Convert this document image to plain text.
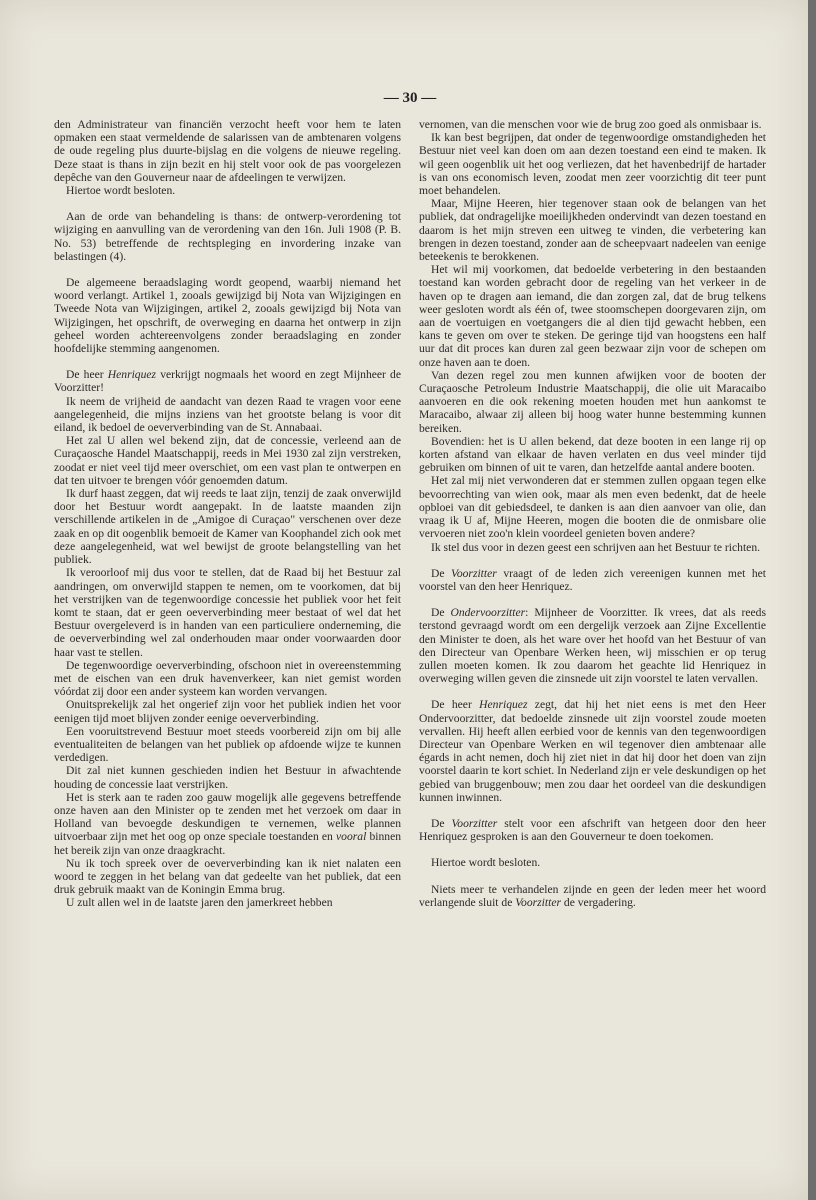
— 30 —

den Administrateur van financiën verzocht heeft voor hem te laten opmaken een staat vermeldende de salarissen van de ambtenaren volgens de oude regeling plus duurte-bijslag en die volgens de nieuwe regeling. Deze staat is thans in zijn bezit en hij stelt voor ook de pas voorgelezen depêche van den Gouverneur naar de afdeelingen te verwijzen.

Hiertoe wordt besloten.

Aan de orde van behandeling is thans: de ontwerp-verordening tot wijziging en aanvulling van de verordening van den 16n. Juli 1908 (P. B. No. 53) betreffende de rechtspleging en invordering inzake van belastingen (4).

De algemeene beraadslaging wordt geopend, waarbij niemand het woord verlangt. Artikel 1, zooals gewijzigd bij Nota van Wijzigingen en Tweede Nota van Wijzigingen, artikel 2, zooals gewijzigd bij Nota van Wijzigingen, het opschrift, de overweging en daarna het ontwerp in zijn geheel worden achtereenvolgens zonder beraadslaging en zonder hoofdelijke stemming aangenomen.

De heer Henriquez verkrijgt nogmaals het woord en zegt Mijnheer de Voorzitter!

Ik neem de vrijheid de aandacht van dezen Raad te vragen voor eene aangelegenheid, die mijns inziens van het grootste belang is voor dit eiland, ik bedoel de oeververbinding van de St. Annabaai.

Het zal U allen wel bekend zijn, dat de concessie, verleend aan de Curaçaosche Handel Maatschappij, reeds in Mei 1930 zal zijn verstreken, zoodat er niet veel tijd meer overschiet, om een vast plan te ontwerpen en dat ten uitvoer te brengen vóór genoemden datum.

Ik durf haast zeggen, dat wij reeds te laat zijn, tenzij de zaak onverwijld door het Bestuur wordt aangepakt. In de laatste maanden zijn verschillende artikelen in de „Amigoe di Curaçao" verschenen over deze zaak en op dit oogenblik bemoeit de Kamer van Koophandel zich ook met deze aangelegenheid, wat wel bewijst de groote belangstelling van het publiek.

Ik veroorloof mij dus voor te stellen, dat de Raad bij het Bestuur zal aandringen, om onverwijld stappen te nemen, om te voorkomen, dat bij het verstrijken van de tegenwoordige concessie het publiek voor het feit komt te staan, dat er geen oeververbinding meer bestaat of wel dat het Bestuur overgeleverd is in handen van een particuliere onderneming, die de oeververbinding wel zal onderhouden maar onder voorwaarden door haar vast te stellen.

De tegenwoordige oeververbinding, ofschoon niet in overeenstemming met de eischen van een druk havenverkeer, kan niet gemist worden vóórdat zij door een ander systeem kan worden vervangen.

Onuitsprekelijk zal het ongerief zijn voor het publiek indien het voor eenigen tijd moet blijven zonder eenige oeververbinding.

Een vooruitstrevend Bestuur moet steeds voorbereid zijn om bij alle eventualiteiten de belangen van het publiek op afdoende wijze te kunnen verdedigen.

Dit zal niet kunnen geschieden indien het Bestuur in afwachtende houding de concessie laat verstrijken.

Het is sterk aan te raden zoo gauw mogelijk alle gegevens betreffende onze haven aan den Minister op te zenden met het verzoek om daar in Holland van bevoegde deskundigen te vernemen, welke plannen uitvoerbaar zijn met het oog op onze speciale toestanden en vooral binnen het bereik zijn van onze draagkracht.

Nu ik toch spreek over de oeververbinding kan ik niet nalaten een woord te zeggen in het belang van dat gedeelte van het publiek, dat een druk gebruik maakt van de Koningin Emma brug.

U zult allen wel in de laatste jaren den jamerkreet hebben

vernomen, van die menschen voor wie de brug zoo goed als onmisbaar is.

Ik kan best begrijpen, dat onder de tegenwoordige omstandigheden het Bestuur niet veel kan doen om aan dezen toestand een eind te maken. Ik wil geen oogenblik uit het oog verliezen, dat het havenbedrijf de hartader is van ons economisch leven, zoodat men zeer voorzichtig dit teer punt moet behandelen.

Maar, Mijne Heeren, hier tegenover staan ook de belangen van het publiek, dat ondragelijke moeilijkheden ondervindt van dezen toestand en daarom is het mijn streven een uitweg te vinden, die verbetering kan brengen in dezen toestand, zonder aan de scheepvaart nadeelen van eenige beteekenis te berokkenen.

Het wil mij voorkomen, dat bedoelde verbetering in den bestaanden toestand kan worden gebracht door de regeling van het verkeer in de haven op te dragen aan iemand, die dan zorgen zal, dat de brug telkens weer gesloten wordt als één of, twee stoomschepen doorgevaren zijn, om aan de voertuigen en voetgangers die al dien tijd gewacht hebben, een kans te geven om over te steken. De geringe tijd van hoogstens een half uur dat dit proces kan duren zal geen bezwaar zijn voor de schepen om onze haven aan te doen.

Van dezen regel zou men kunnen afwijken voor de booten der Curaçaosche Petroleum Industrie Maatschappij, die olie uit Maracaibo aanvoeren en die ook rekening moeten houden met hun aankomst te Maracaibo, alwaar zij alleen bij hoog water hunne bestemming kunnen bereiken.

Bovendien: het is U allen bekend, dat deze booten in een lange rij op korten afstand van elkaar de haven verlaten en dus veel minder tijd gebruiken om binnen of uit te varen, dan hetzelfde aantal andere booten.

Het zal mij niet verwonderen dat er stemmen zullen opgaan tegen elke bevoorrechting van wien ook, maar als men even bedenkt, dat de heele opbloei van dit gebiedsdeel, te danken is aan dien aanvoer van olie, dan vraag ik U af, Mijne Heeren, mogen die booten die de onmisbare olie vervoeren niet zoo'n klein voordeel genieten boven andere?

Ik stel dus voor in dezen geest een schrijven aan het Bestuur te richten.

De Voorzitter vraagt of de leden zich vereenigen kunnen met het voorstel van den heer Henriquez.

De Ondervoorzitter: Mijnheer de Voorzitter. Ik vrees, dat als reeds terstond gevraagd wordt om een dergelijk verzoek aan Zijne Excellentie den Minister te doen, als het ware over het hoofd van het Bestuur of van den Directeur van Openbare Werken heen, wij misschien er op terug zullen moeten komen. Ik zou daarom het geachte lid Henriquez in overweging willen geven die zinsnede uit zijn voorstel te laten vervallen.

De heer Henriquez zegt, dat hij het niet eens is met den Heer Ondervoorzitter, dat bedoelde zinsnede uit zijn voorstel zoude moeten vervallen. Hij heeft allen eerbied voor de kennis van den tegenwoordigen Directeur van Openbare Werken en wil tegenover dien ambtenaar alle égards in acht nemen, doch hij ziet niet in dat hij door het doen van zijn voorstel daarin te kort schiet. In Nederland zijn er vele deskundigen op het gebied van bruggenbouw; men zou daar het oordeel van die deskundigen kunnen inwinnen.

De Voorzitter stelt voor een afschrift van hetgeen door den heer Henriquez gesproken is aan den Gouverneur te doen toekomen.

Hiertoe wordt besloten.

Niets meer te verhandelen zijnde en geen der leden meer het woord verlangende sluit de Voorzitter de vergadering.
